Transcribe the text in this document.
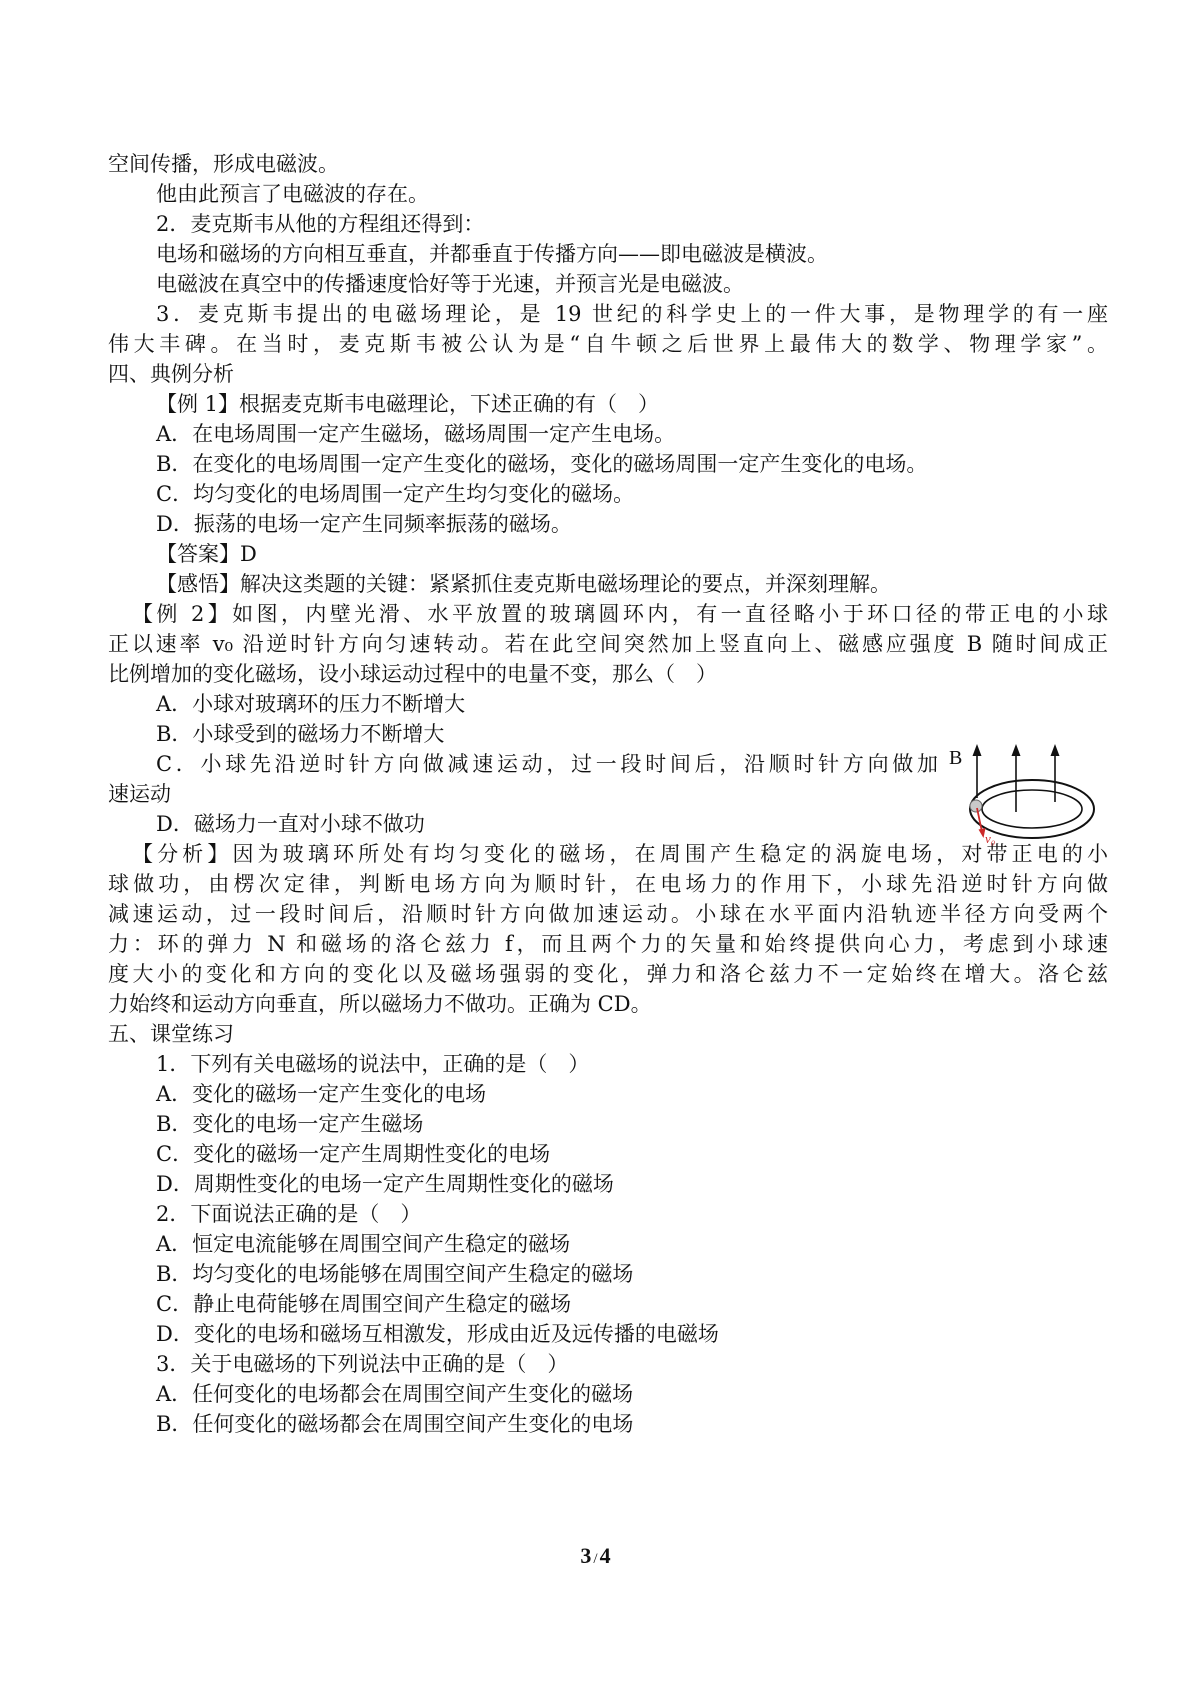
空间传播，形成电磁波。
他由此预言了电磁波的存在。
2．麦克斯韦从他的方程组还得到：
电场和磁场的方向相互垂直，并都垂直于传播方向——即电磁波是横波。
电磁波在真空中的传播速度恰好等于光速，并预言光是电磁波。
3．麦克斯韦提出的电磁场理论，是 19 世纪的科学史上的一件大事，是物理学的有一座
伟大丰碑。在当时，麦克斯韦被公认为是“自牛顿之后世界上最伟大的数学、物理学家”。
四、典例分析
【例 1】根据麦克斯韦电磁理论，下述正确的有（　）
A．在电场周围一定产生磁场，磁场周围一定产生电场。
B．在变化的电场周围一定产生变化的磁场，变化的磁场周围一定产生变化的电场。
C．均匀变化的电场周围一定产生均匀变化的磁场。
D．振荡的电场一定产生同频率振荡的磁场。
【答案】D
【感悟】解决这类题的关键：紧紧抓住麦克斯电磁场理论的要点，并深刻理解。
【例 2】如图，内壁光滑、水平放置的玻璃圆环内，有一直径略小于环口径的带正电的小球
正以速率 v₀ 沿逆时针方向匀速转动。若在此空间突然加上竖直向上、磁感应强度 B 随时间成正
比例增加的变化磁场，设小球运动过程中的电量不变，那么（　）
A．小球对玻璃环的压力不断增大
B．小球受到的磁场力不断增大
C．小球先沿逆时针方向做减速运动，过一段时间后，沿顺时针方向做加
速运动
D．磁场力一直对小球不做功
【分析】因为玻璃环所处有均匀变化的磁场，在周围产生稳定的涡旋电场，对带正电的小
球做功，由楞次定律，判断电场方向为顺时针，在电场力的作用下，小球先沿逆时针方向做
减速运动，过一段时间后，沿顺时针方向做加速运动。小球在水平面内沿轨迹半径方向受两个
力：环的弹力 N 和磁场的洛仑兹力 f，而且两个力的矢量和始终提供向心力，考虑到小球速
度大小的变化和方向的变化以及磁场强弱的变化，弹力和洛仑兹力不一定始终在增大。洛仑兹
力始终和运动方向垂直，所以磁场力不做功。正确为 CD。
五、课堂练习
1．下列有关电磁场的说法中，正确的是（　）
A．变化的磁场一定产生变化的电场
B．变化的电场一定产生磁场
C．变化的磁场一定产生周期性变化的电场
D．周期性变化的电场一定产生周期性变化的磁场
2．下面说法正确的是（　）
A．恒定电流能够在周围空间产生稳定的磁场
B．均匀变化的电场能够在周围空间产生稳定的磁场
C．静止电荷能够在周围空间产生稳定的磁场
D．变化的电场和磁场互相激发，形成由近及远传播的电磁场
3．关于电磁场的下列说法中正确的是（　）
A．任何变化的电场都会在周围空间产生变化的磁场
B．任何变化的磁场都会在周围空间产生变化的电场
B
v₀
3 /4
